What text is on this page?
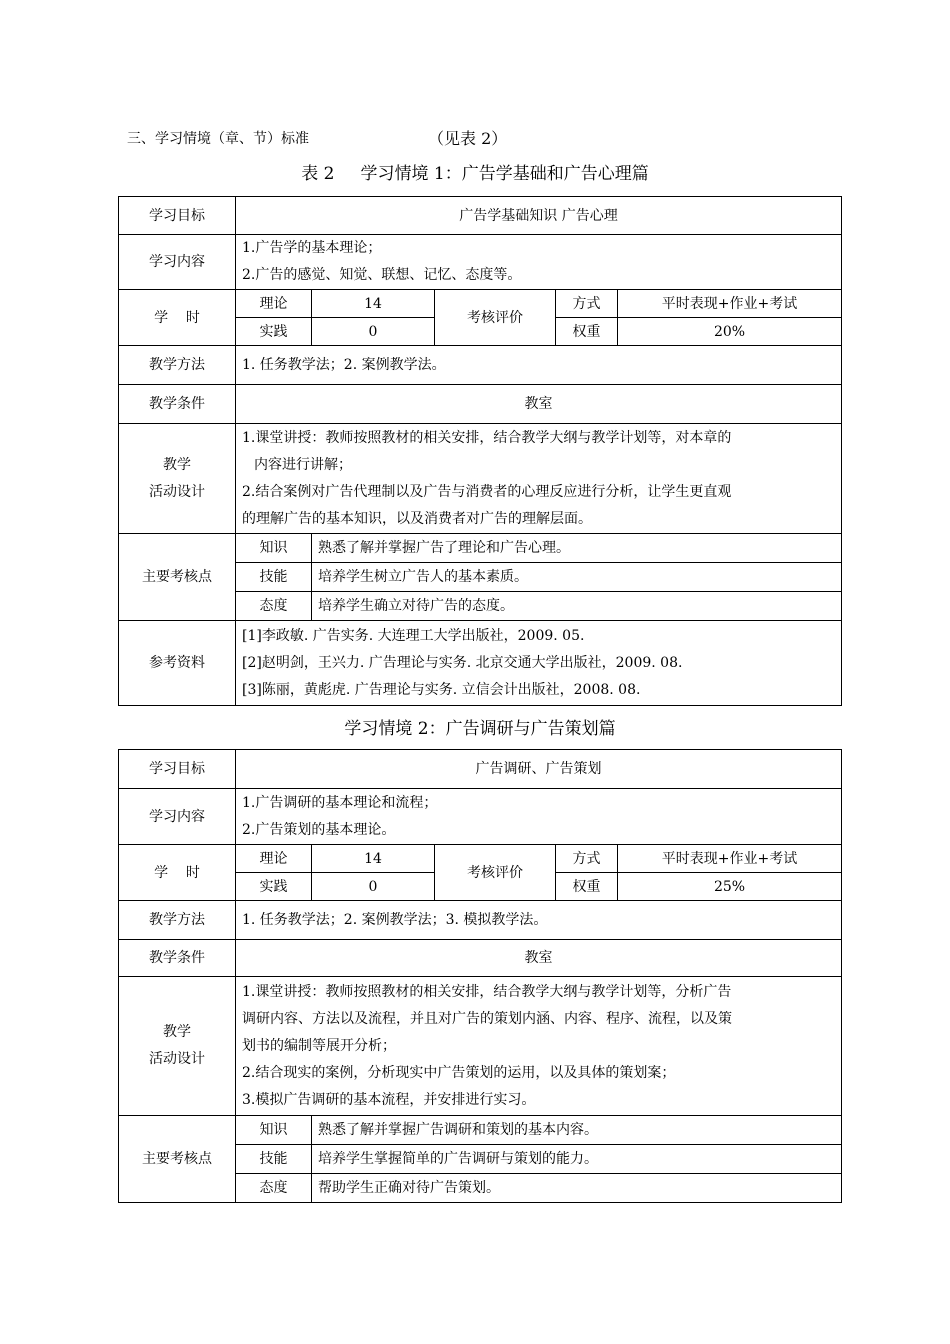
三、学习情境（章、节）标准	（见表 2）
表 2 学习情境 1：广告学基础和广告心理篇
学习目标	广告学基础知识 广告心理				
学习内容	1.广告学的基本理论；
2.广告的感觉、知觉、联想、记忆、态度等。				

学    时	理论	14	考核评价	方式	平时表现+作业+考试
	实践	0		权重	20%
教学方法	1. 任务教学法；2. 案例教学法。				
教学条件	教室				

教学
活动设计	1.课堂讲授：教师按照教材的相关安排，结合教学大纲与教学计划等，对本章的
内容进行讲解；
2.结合案例对广告代理制以及广告与消费者的心理反应进行分析，让学生更直观
的理解广告的基本知识，以及消费者对广告的理解层面。				

主要考核点	知识	熟悉了解并掌握广告了理论和广告心理。			
	技能	培养学生树立广告人的基本素质。			
	态度	培养学生确立对待广告的态度。			
参考资料	[1]李政敏. 广告实务. 大连理工大学出版社，2009. 05.
[2]赵明剑，王兴力. 广告理论与实务. 北京交通大学出版社，2009. 08.
[3]陈丽，黄彪虎. 广告理论与实务. 立信会计出版社，2008. 08.				
学习情境 2：广告调研与广告策划篇
学习目标	广告调研、广告策划				
学习内容	1.广告调研的基本理论和流程；
2.广告策划的基本理论。				

学    时	理论	14	考核评价	方式	平时表现+作业+考试
	实践	0		权重	25%
教学方法	1. 任务教学法；2. 案例教学法；3. 模拟教学法。				
教学条件	教室				

教学
活动设计	1.课堂讲授：教师按照教材的相关安排，结合教学大纲与教学计划等，分析广告
调研内容、方法以及流程，并且对广告的策划内涵、内容、程序、流程，以及策
划书的编制等展开分析；
2.结合现实的案例，分析现实中广告策划的运用，以及具体的策划案；
3.模拟广告调研的基本流程，并安排进行实习。				

主要考核点	知识	熟悉了解并掌握广告调研和策划的基本内容。			
	技能	培养学生掌握简单的广告调研与策划的能力。			
	态度	帮助学生正确对待广告策划。			
